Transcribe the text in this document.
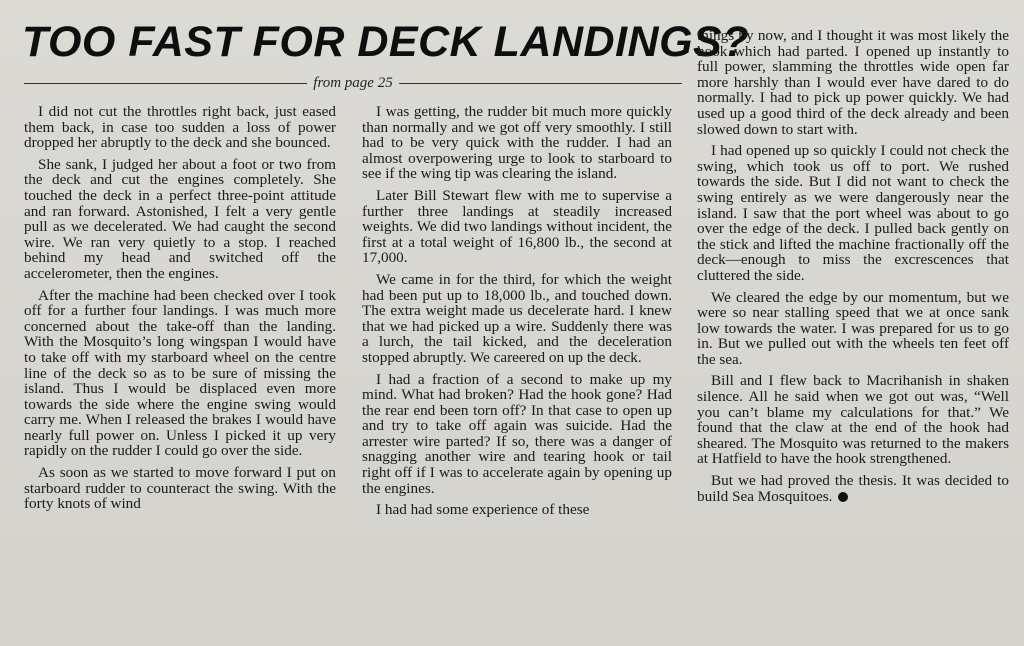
TOO FAST FOR DECK LANDINGS?
from page 25

I did not cut the throttles right back, just eased them back, in case too sudden a loss of power dropped her abruptly to the deck and she bounced.

She sank, I judged her about a foot or two from the deck and cut the engines completely. She touched the deck in a perfect three-point attitude and ran forward. Astonished, I felt a very gentle pull as we decelerated. We had caught the second wire. We ran very quietly to a stop. I reached behind my head and switched off the accelerometer, then the engines.

After the machine had been checked over I took off for a further four landings. I was much more concerned about the take-off than the landing. With the Mosquito’s long wingspan I would have to take off with my starboard wheel on the centre line of the deck so as to be sure of missing the island. Thus I would be displaced even more towards the side where the engine swing would carry me. When I released the brakes I would have nearly full power on. Unless I picked it up very rapidly on the rudder I could go over the side.

As soon as we started to move forward I put on starboard rudder to counteract the swing. With the forty knots of wind

I was getting, the rudder bit much more quickly than normally and we got off very smoothly. I still had to be very quick with the rudder. I had an almost overpowering urge to look to starboard to see if the wing tip was clearing the island.

Later Bill Stewart flew with me to supervise a further three landings at steadily increased weights. We did two landings without incident, the first at a total weight of 16,800 lb., the second at 17,000.

We came in for the third, for which the weight had been put up to 18,000 lb., and touched down. The extra weight made us decelerate hard. I knew that we had picked up a wire. Suddenly there was a lurch, the tail kicked, and the deceleration stopped abruptly. We careered on up the deck.

I had a fraction of a second to make up my mind. What had broken? Had the hook gone? Had the rear end been torn off? In that case to open up and try to take off again was suicide. Had the arrester wire parted? If so, there was a danger of snagging another wire and tearing hook or tail right off if I was to accelerate again by opening up the engines.

I had had some experience of these

things by now, and I thought it was most likely the hook which had parted. I opened up instantly to full power, slamming the throttles wide open far more harshly than I would ever have dared to do normally. I had to pick up power quickly. We had used up a good third of the deck already and been slowed down to start with.

I had opened up so quickly I could not check the swing, which took us off to port. We rushed towards the side. But I did not want to check the swing entirely as we were dangerously near the island. I saw that the port wheel was about to go over the edge of the deck. I pulled back gently on the stick and lifted the machine fractionally off the deck—enough to miss the excrescences that cluttered the side.

We cleared the edge by our momentum, but we were so near stalling speed that we at once sank low towards the water. I was prepared for us to go in. But we pulled out with the wheels ten feet off the sea.

Bill and I flew back to Macrihanish in shaken silence. All he said when we got out was, “Well you can’t blame my calculations for that.” We found that the claw at the end of the hook had sheared. The Mosquito was returned to the makers at Hatfield to have the hook strengthened.

But we had proved the thesis. It was decided to build Sea Mosquitoes.
